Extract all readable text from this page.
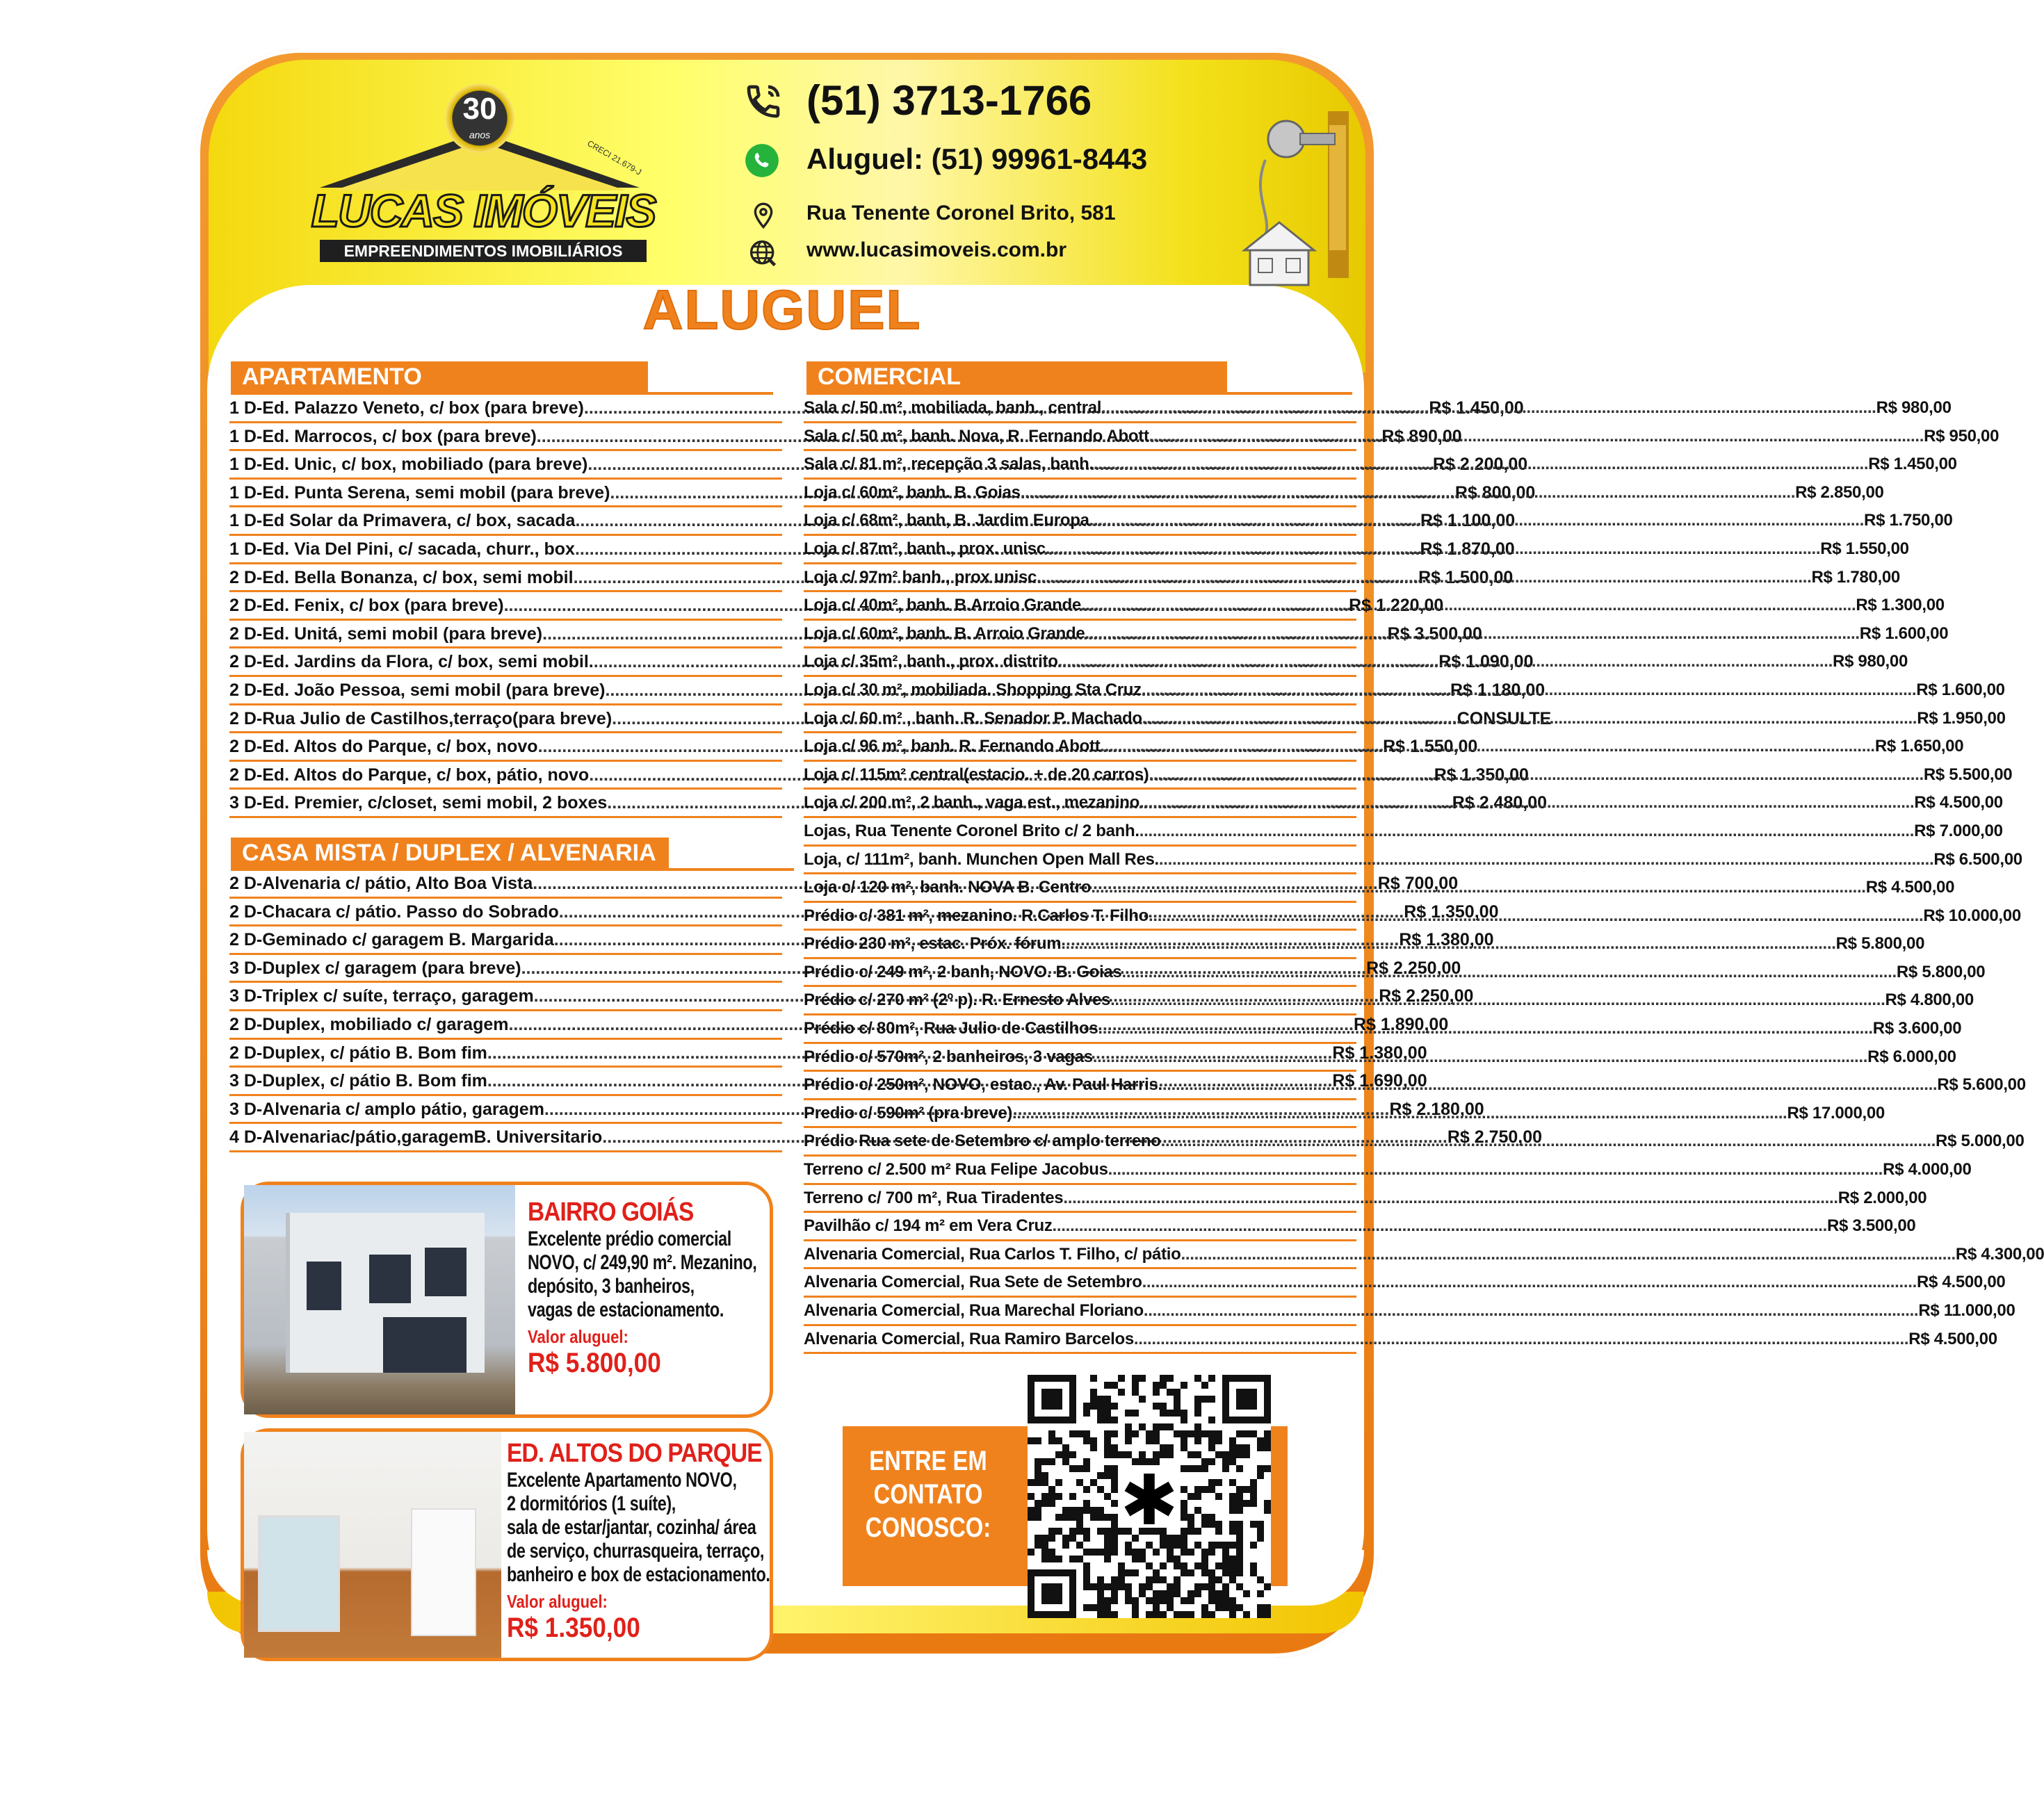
30
anos
CRECI 21.679-J
LUCAS IMÓVEIS
EMPREENDIMENTOS IMOBILIÁRIOS
(51) 3713-1766
Aluguel: (51) 99961-8443
Rua Tenente Coronel Brito, 581
www.lucasimoveis.com.br
ALUGUEL
APARTAMENTO
1 D-Ed. Palazzo Veneto, c/ box (para breve) .....	R$ 1.450,00
1 D-Ed. Marrocos, c/ box (para breve) .....	R$ 890,00
1 D-Ed. Unic, c/ box, mobiliado (para breve) .....	R$ 2.200,00
1 D-Ed. Punta Serena, semi mobil (para breve) .....	R$ 800,00
1 D-Ed Solar da Primavera, c/ box, sacada .....	R$ 1.100,00
1 D-Ed. Via Del Pini, c/ sacada, churr., box .....	R$ 1.870,00
2 D-Ed. Bella Bonanza, c/ box, semi mobil .....	R$ 1.500,00
2 D-Ed. Fenix, c/ box (para breve) .....	R$ 1.220,00
2 D-Ed. Unitá, semi mobil (para breve) .....	R$ 3.500,00
2 D-Ed. Jardins da Flora, c/ box, semi mobil. .....	R$ 1.090,00
2 D-Ed. João Pessoa, semi mobil (para breve) .....	R$ 1.180,00
2 D-Rua Julio de Castilhos,terraço(para breve) .....	CONSULTE
2 D-Ed. Altos do Parque, c/ box, novo .....	R$ 1.550,00
2 D-Ed. Altos do Parque, c/ box, pátio, novo .....	R$ 1.350,00
3 D-Ed. Premier, c/closet, semi mobil, 2 boxes .....	R$ 2.480,00
CASA MISTA / DUPLEX / ALVENARIA
2 D-Alvenaria c/ pátio, Alto Boa Vista .....	R$ 700,00
2 D-Chacara c/ pátio. Passo do Sobrado .....	R$ 1.350,00
2 D-Geminado c/ garagem B. Margarida .....	R$ 1.380,00
3 D-Duplex c/ garagem (para breve) .....	R$ 2.250,00
3 D-Triplex c/ suíte, terraço, garagem .....	R$ 2.250,00
2 D-Duplex, mobiliado c/ garagem .....	R$ 1.890,00
2 D-Duplex, c/ pátio B. Bom fim .....	R$ 1.380,00
3 D-Duplex, c/ pátio B. Bom fim .....	R$ 1.690,00
3 D-Alvenaria c/ amplo pátio, garagem .....	R$ 2.180,00
4 D-Alvenariac/pátio,garagemB. Universitario .....	R$ 2.750,00
COMERCIAL
Sala c/ 50 m², mobiliada, banh., central .....	R$ 980,00
Sala c/ 50 m², banh. Nova, R. Fernando Abott .....	R$ 950,00
Sala c/ 81 m², recepção 3 salas, banh. .....	R$ 1.450,00
Loja c/ 60m², banh. B. Goias .....	R$ 2.850,00
Loja c/ 68m², banh, B. Jardim Europa .....	R$ 1.750,00
Loja c/ 87m², banh., prox. unisc .....	R$ 1.550,00
Loja c/ 97m² banh., prox unisc .....	R$ 1.780,00
Loja c/ 40m², banh. B.Arroio Grande .....	R$ 1.300,00
Loja c/ 60m², banh. B. Arroio Grande .....	R$ 1.600,00
Loja c/ 35m², banh., prox. distrito .....	R$ 980,00
Loja c/ 30 m², mobiliada. Shopping Sta Cruz .....	R$ 1.600,00
Loja c/ 60 m² , banh. R. Senador P. Machado .....	R$ 1.950,00
Loja c/ 96 m², banh. R. Fernando Abott .....	R$ 1.650,00
Loja c/ 115m² central(estacio. + de 20 carros) .....	R$ 5.500,00
Loja c/ 200 m², 2 banh., vaga est., mezanino .....	R$ 4.500,00
Lojas, Rua Tenente Coronel Brito c/ 2 banh. .....	R$ 7.000,00
Loja, c/ 111m², banh. Munchen Open Mall Res. .....	R$ 6.500,00
Loja c/ 120 m², banh. NOVA B. Centro .....	R$ 4.500,00
Prédio c/ 381 m², mezanino. R.Carlos T. Filho .....	R$ 10.000,00
Prédio 230 m², estac. Próx. fórum .....	R$ 5.800,00
Prédio c/ 249 m², 2 banh, NOVO. B. Goias .....	R$ 5.800,00
Prédio c/ 270 m² (2º p). R. Ernesto Alves .....	R$ 4.800,00
Prédio c/ 80m², Rua Julio de Castilhos .....	R$ 3.600,00
Prédio c/ 570m², 2 banheiros, 3 vagas .....	R$ 6.000,00
Prédio c/ 250m², NOVO, estac., Av. Paul Harris. .....	R$ 5.600,00
Predio c/ 590m² (pra breve) .....	R$ 17.000,00
Prédio Rua sete de Setembro c/ amplo terreno .....	R$ 5.000,00
Terreno c/ 2.500 m² Rua Felipe Jacobus .....	R$ 4.000,00
Terreno c/ 700 m², Rua Tiradentes .....	R$ 2.000,00
Pavilhão c/ 194 m² em Vera Cruz .....	R$ 3.500,00
Alvenaria Comercial, Rua Carlos T. Filho, c/ pátio .....	R$ 4.300,00
Alvenaria Comercial, Rua Sete de Setembro .....	R$ 4.500,00
Alvenaria Comercial, Rua Marechal Floriano .....	R$ 11.000,00
Alvenaria Comercial, Rua Ramiro Barcelos .....	R$ 4.500,00
BAIRRO GOIÁS
Excelente prédio comercial
NOVO, c/ 249,90 m². Mezanino,
depósito, 3 banheiros,
vagas de estacionamento.
Valor aluguel:
R$ 5.800,00
ED. ALTOS DO PARQUE
Excelente Apartamento NOVO,
2 dormitórios (1 suíte),
sala de estar/jantar, cozinha/ área
de serviço, churrasqueira, terraço,
banheiro e box de estacionamento.
Valor aluguel:
R$ 1.350,00
ENTRE EM
CONTATO
CONOSCO:	✱
